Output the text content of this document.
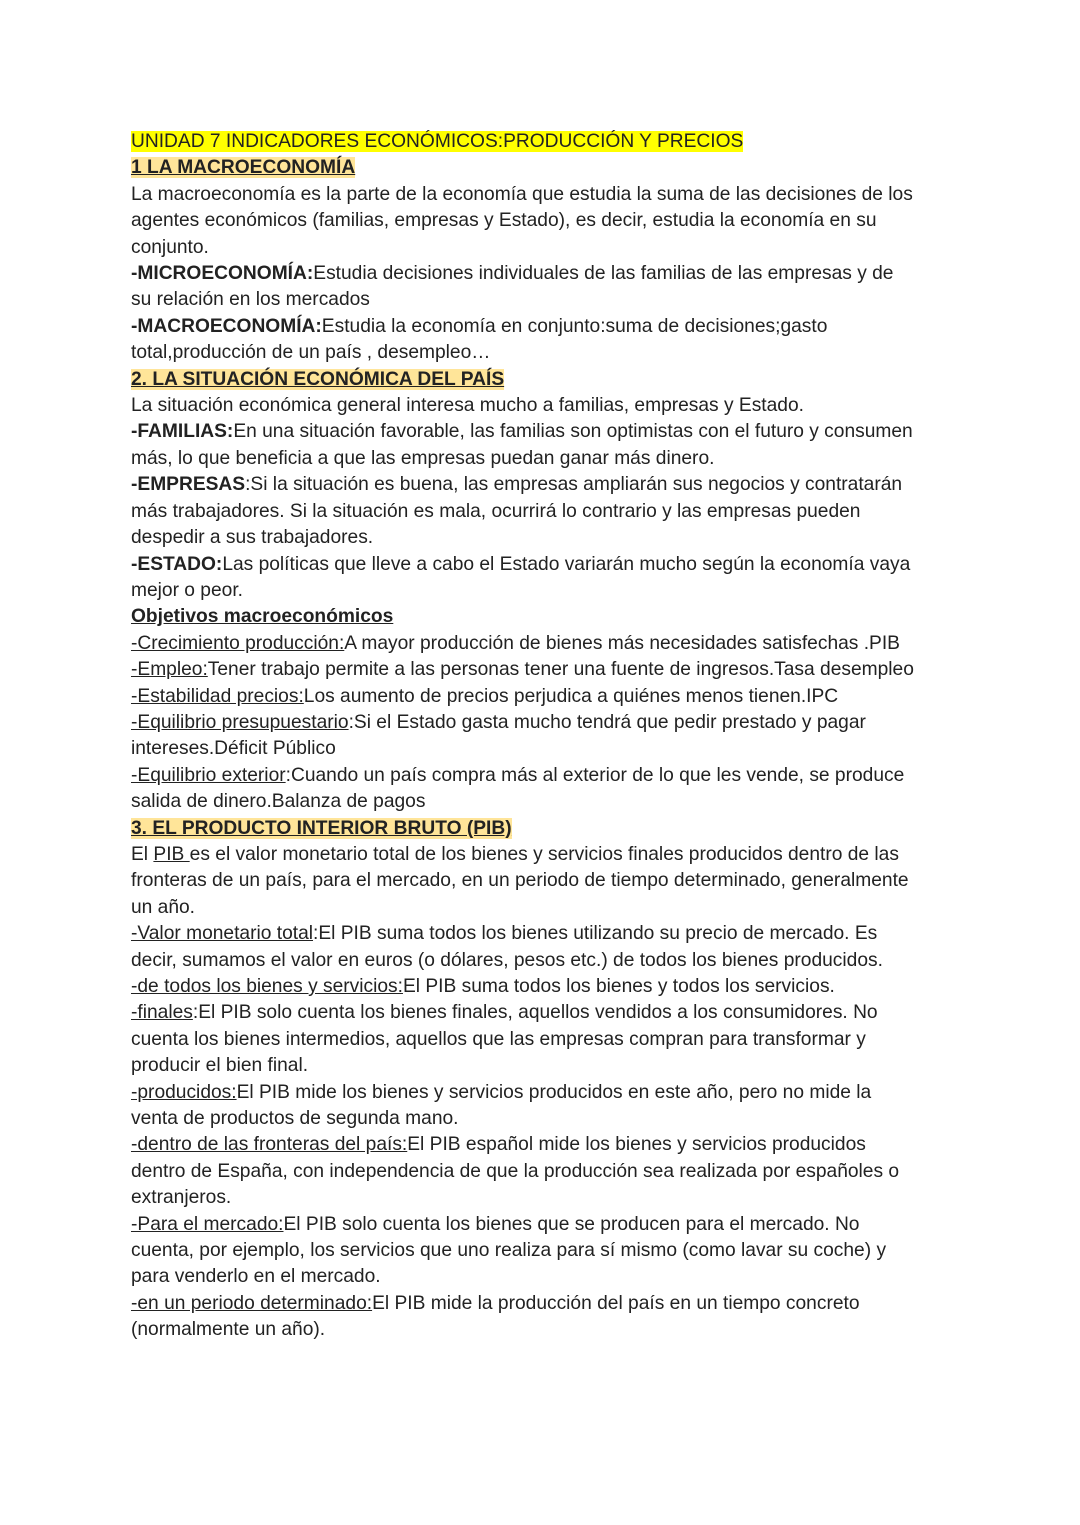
UNIDAD 7 INDICADORES ECONÓMICOS:PRODUCCIÓN Y PRECIOS
1 LA MACROECONOMÍA
La macroeconomía es la parte de la economía que estudia la suma de las decisiones de los
agentes económicos (familias, empresas y Estado), es decir, estudia la economía en su
conjunto.
-MICROECONOMÍA:Estudia decisiones individuales de las familias de las empresas y de
su relación en los mercados
-MACROECONOMÍA:Estudia la economía en conjunto:suma de decisiones;gasto
total,producción de un país , desempleo…
2. LA SITUACIÓN ECONÓMICA DEL PAÍS
La situación económica general interesa mucho a familias, empresas y Estado.
-FAMILIAS:En una situación favorable, las familias son optimistas con el futuro y consumen
más, lo que beneficia a que las empresas puedan ganar más dinero.
-EMPRESAS:Si la situación es buena, las empresas ampliarán sus negocios y contratarán
más trabajadores. Si la situación es mala, ocurrirá lo contrario y las empresas pueden
despedir a sus trabajadores.
-ESTADO:Las políticas que lleve a cabo el Estado variarán mucho según la economía vaya
mejor o peor.
Objetivos macroeconómicos
-Crecimiento producción:A mayor producción de bienes más necesidades satisfechas .PIB
-Empleo:Tener trabajo permite a las personas tener una fuente de ingresos.Tasa desempleo
-Estabilidad precios:Los aumento de precios perjudica a quiénes menos tienen.IPC
-Equilibrio presupuestario:Si el Estado gasta mucho tendrá que pedir prestado y pagar
intereses.Déficit Público
-Equilibrio exterior:Cuando un país compra más al exterior de lo que les vende, se produce
salida de dinero.Balanza de pagos
3. EL PRODUCTO INTERIOR BRUTO (PIB)
El PIB es el valor monetario total de los bienes y servicios finales producidos dentro de las
fronteras de un país, para el mercado, en un periodo de tiempo determinado, generalmente
un año.
-Valor monetario total:El PIB suma todos los bienes utilizando su precio de mercado. Es
decir, sumamos el valor en euros (o dólares, pesos etc.) de todos los bienes producidos.
-de todos los bienes y servicios:El PIB suma todos los bienes y todos los servicios.
-finales:El PIB solo cuenta los bienes finales, aquellos vendidos a los consumidores. No
cuenta los bienes intermedios, aquellos que las empresas compran para transformar y
producir el bien final.
-producidos:El PIB mide los bienes y servicios producidos en este año, pero no mide la
venta de productos de segunda mano.
-dentro de las fronteras del país:El PIB español mide los bienes y servicios producidos
dentro de España, con independencia de que la producción sea realizada por españoles o
extranjeros.
-Para el mercado:El PIB solo cuenta los bienes que se producen para el mercado. No
cuenta, por ejemplo, los servicios que uno realiza para sí mismo (como lavar su coche) y
para venderlo en el mercado.
-en un periodo determinado:El PIB mide la producción del país en un tiempo concreto
(normalmente un año).
